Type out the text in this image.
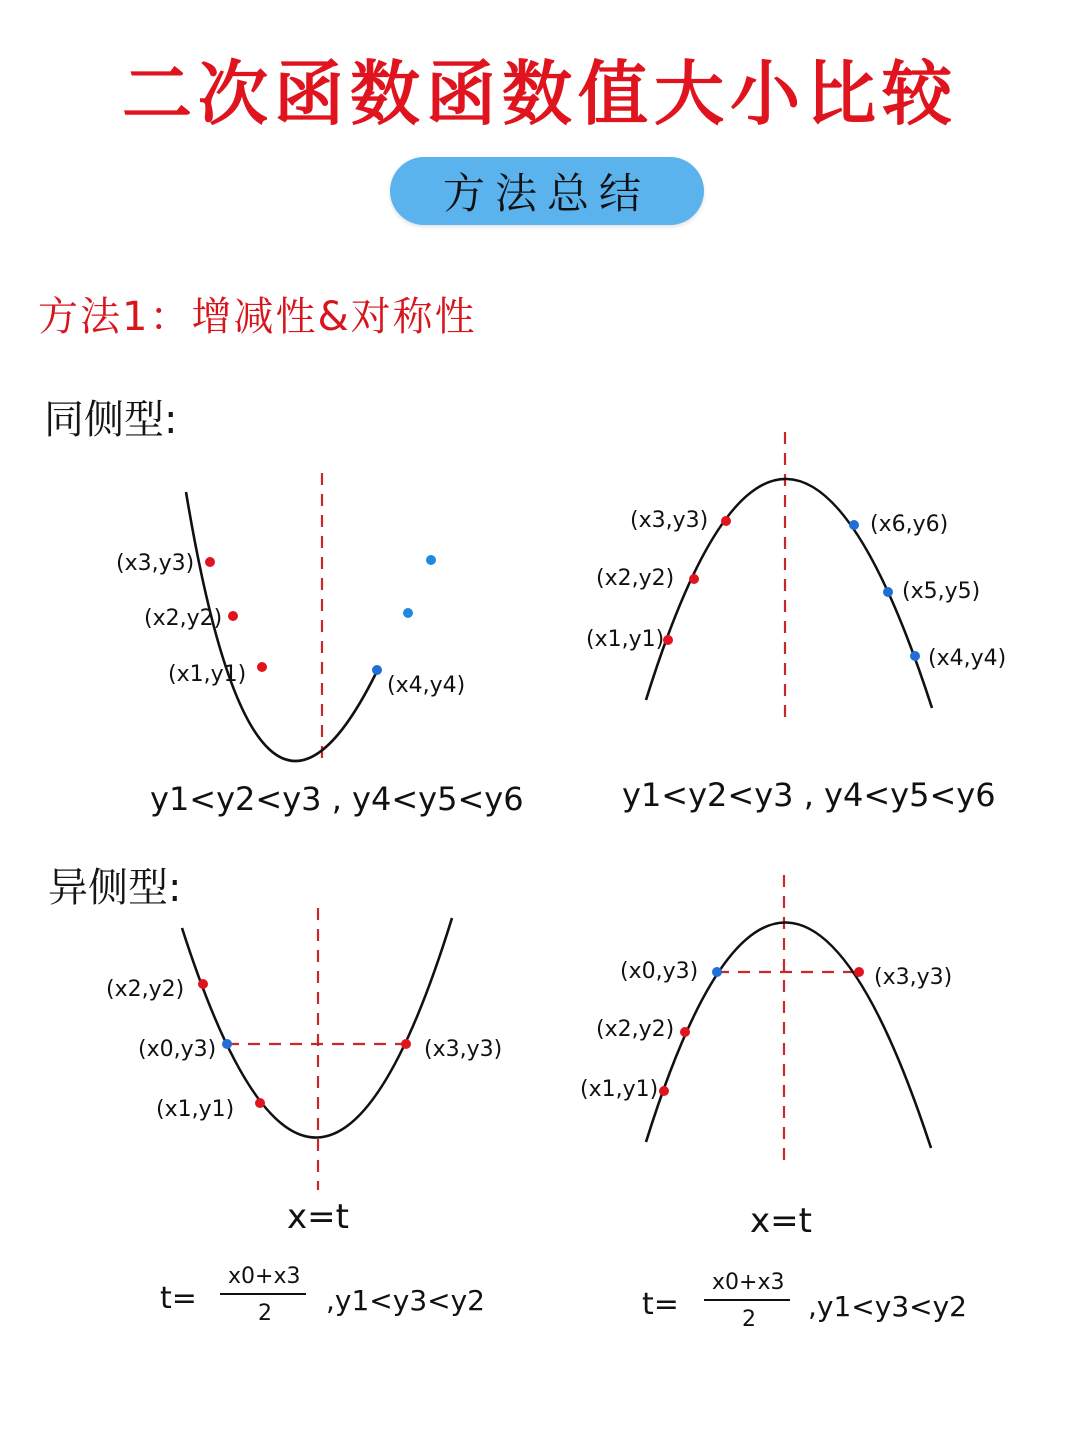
二次函数函数值大小比较
方法总结
方法1：增减性&对称性
同侧型:
异侧型:
(x3,y3)
(x2,y2)
(x1,y1)	(x4,y4)
y1<y2<y3 , y4<y5<y6
(x3,y3)
(x2,y2)
(x1,y1)
(x6,y6)
(x5,y5)
(x4,y4)
y1<y2<y3 , y4<y5<y6
(x2,y2)
(x0,y3)
(x1,y1)
(x3,y3)
x=t
t=
x0+x3
2 ,y1<y3<y2
(x0,y3)
(x2,y2)
(x1,y1)
(x3,y3)
x=t
t=
x0+x3
2 ,y1<y3<y2
